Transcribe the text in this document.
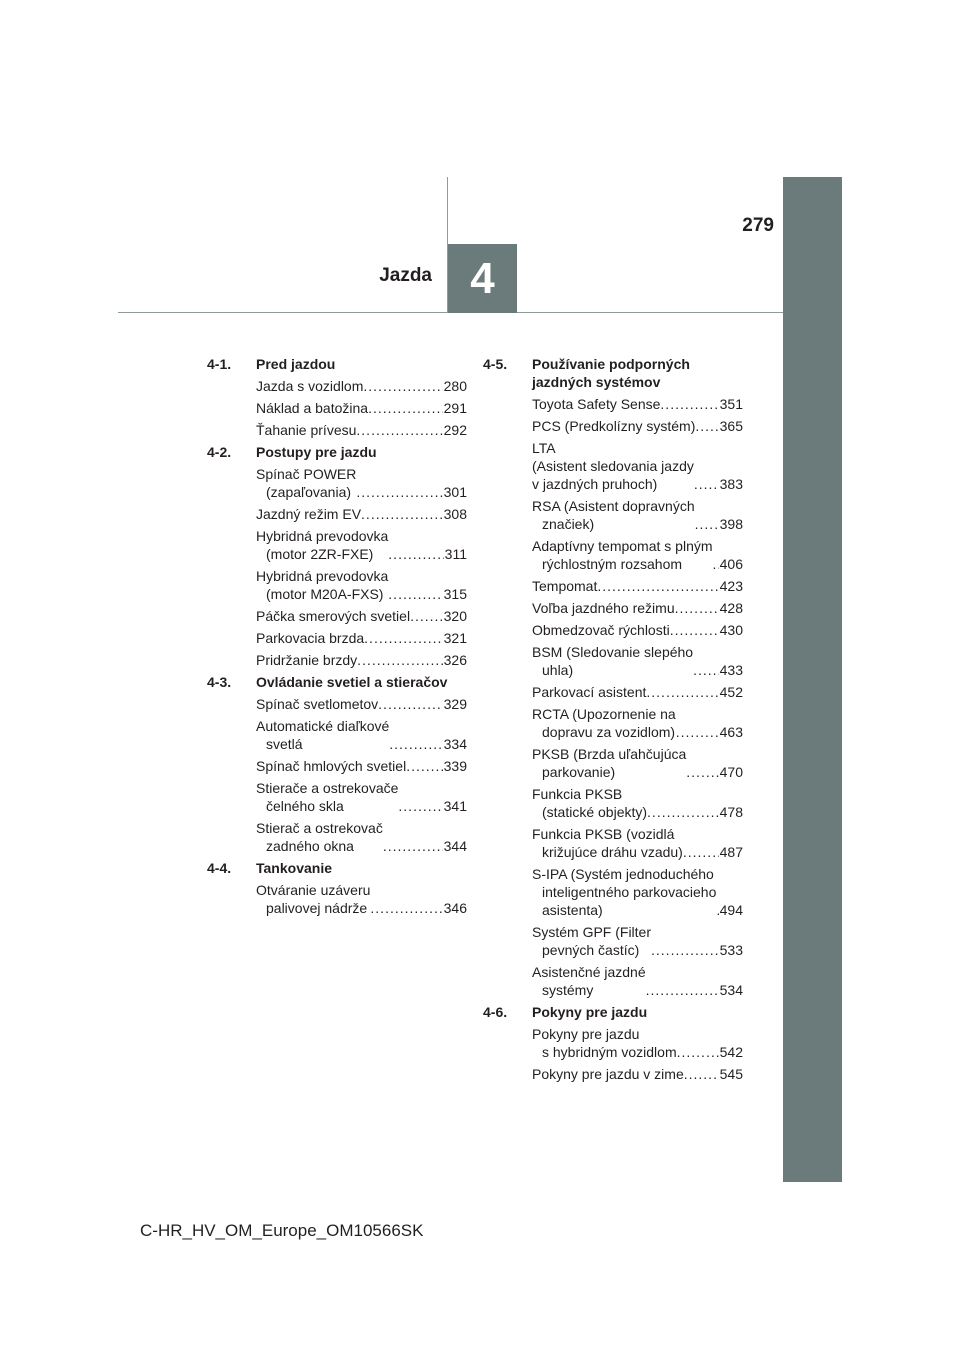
279
Jazda 4
4-1.	Pred jazdou
Jazda s vozidlom .....	280
Náklad a batožina .....	291
Ťahanie prívesu .....	292
4-2.	Postupy pre jazdu
Spínač POWER
(zapaľovania) .....	301
Jazdný režim EV .....	308
Hybridná prevodovka
(motor 2ZR-FXE) .....	311
Hybridná prevodovka
(motor M20A-FXS) .....	315
Páčka smerových svetiel ..... 320
Parkovacia brzda .....	321
Pridržanie brzdy .....	326
4-3.	Ovládanie svetiel a stieračov
Spínač svetlometov .....	329
Automatické diaľkové
svetlá .....	334
Spínač hmlových svetiel .....	339
Stierače a ostrekovače
čelného skla .....	341
Stierač a ostrekovač
zadného okna .....	344
4-4.	Tankovanie
Otváranie uzáveru
palivovej nádrže .....	346
4-5.	Používanie podporných jazdných systémov
Toyota Safety Sense .....	351
PCS (Predkolízny systém) ..... 365
LTA
(Asistent sledovania jazdy
v jazdných pruhoch) .....	383
RSA (Asistent dopravných
značiek) .....	398
Adaptívny tempomat s plným
rýchlostným rozsahom .....	406
Tempomat .....	423
Voľba jazdného režimu .....	428
Obmedzovač rýchlosti .....	430
BSM (Sledovanie slepého
uhla) .....	433
Parkovací asistent .....	452
RCTA (Upozornenie na
dopravu za vozidlom) .....	463
PKSB (Brzda uľahčujúca
parkovanie) .....	470
Funkcia PKSB
(statické objekty) .....	478
Funkcia PKSB (vozidlá
križujúce dráhu vzadu) .....	487
S-IPA (Systém jednoduchého
inteligentného parkovacieho
asistenta) .....	494
Systém GPF (Filter
pevných častíc) .....	533
Asistenčné jazdné
systémy .....	534
4-6.	Pokyny pre jazdu
Pokyny pre jazdu
s hybridným vozidlom .....	542
Pokyny pre jazdu v zime .....	545
C-HR_HV_OM_Europe_OM10566SK
